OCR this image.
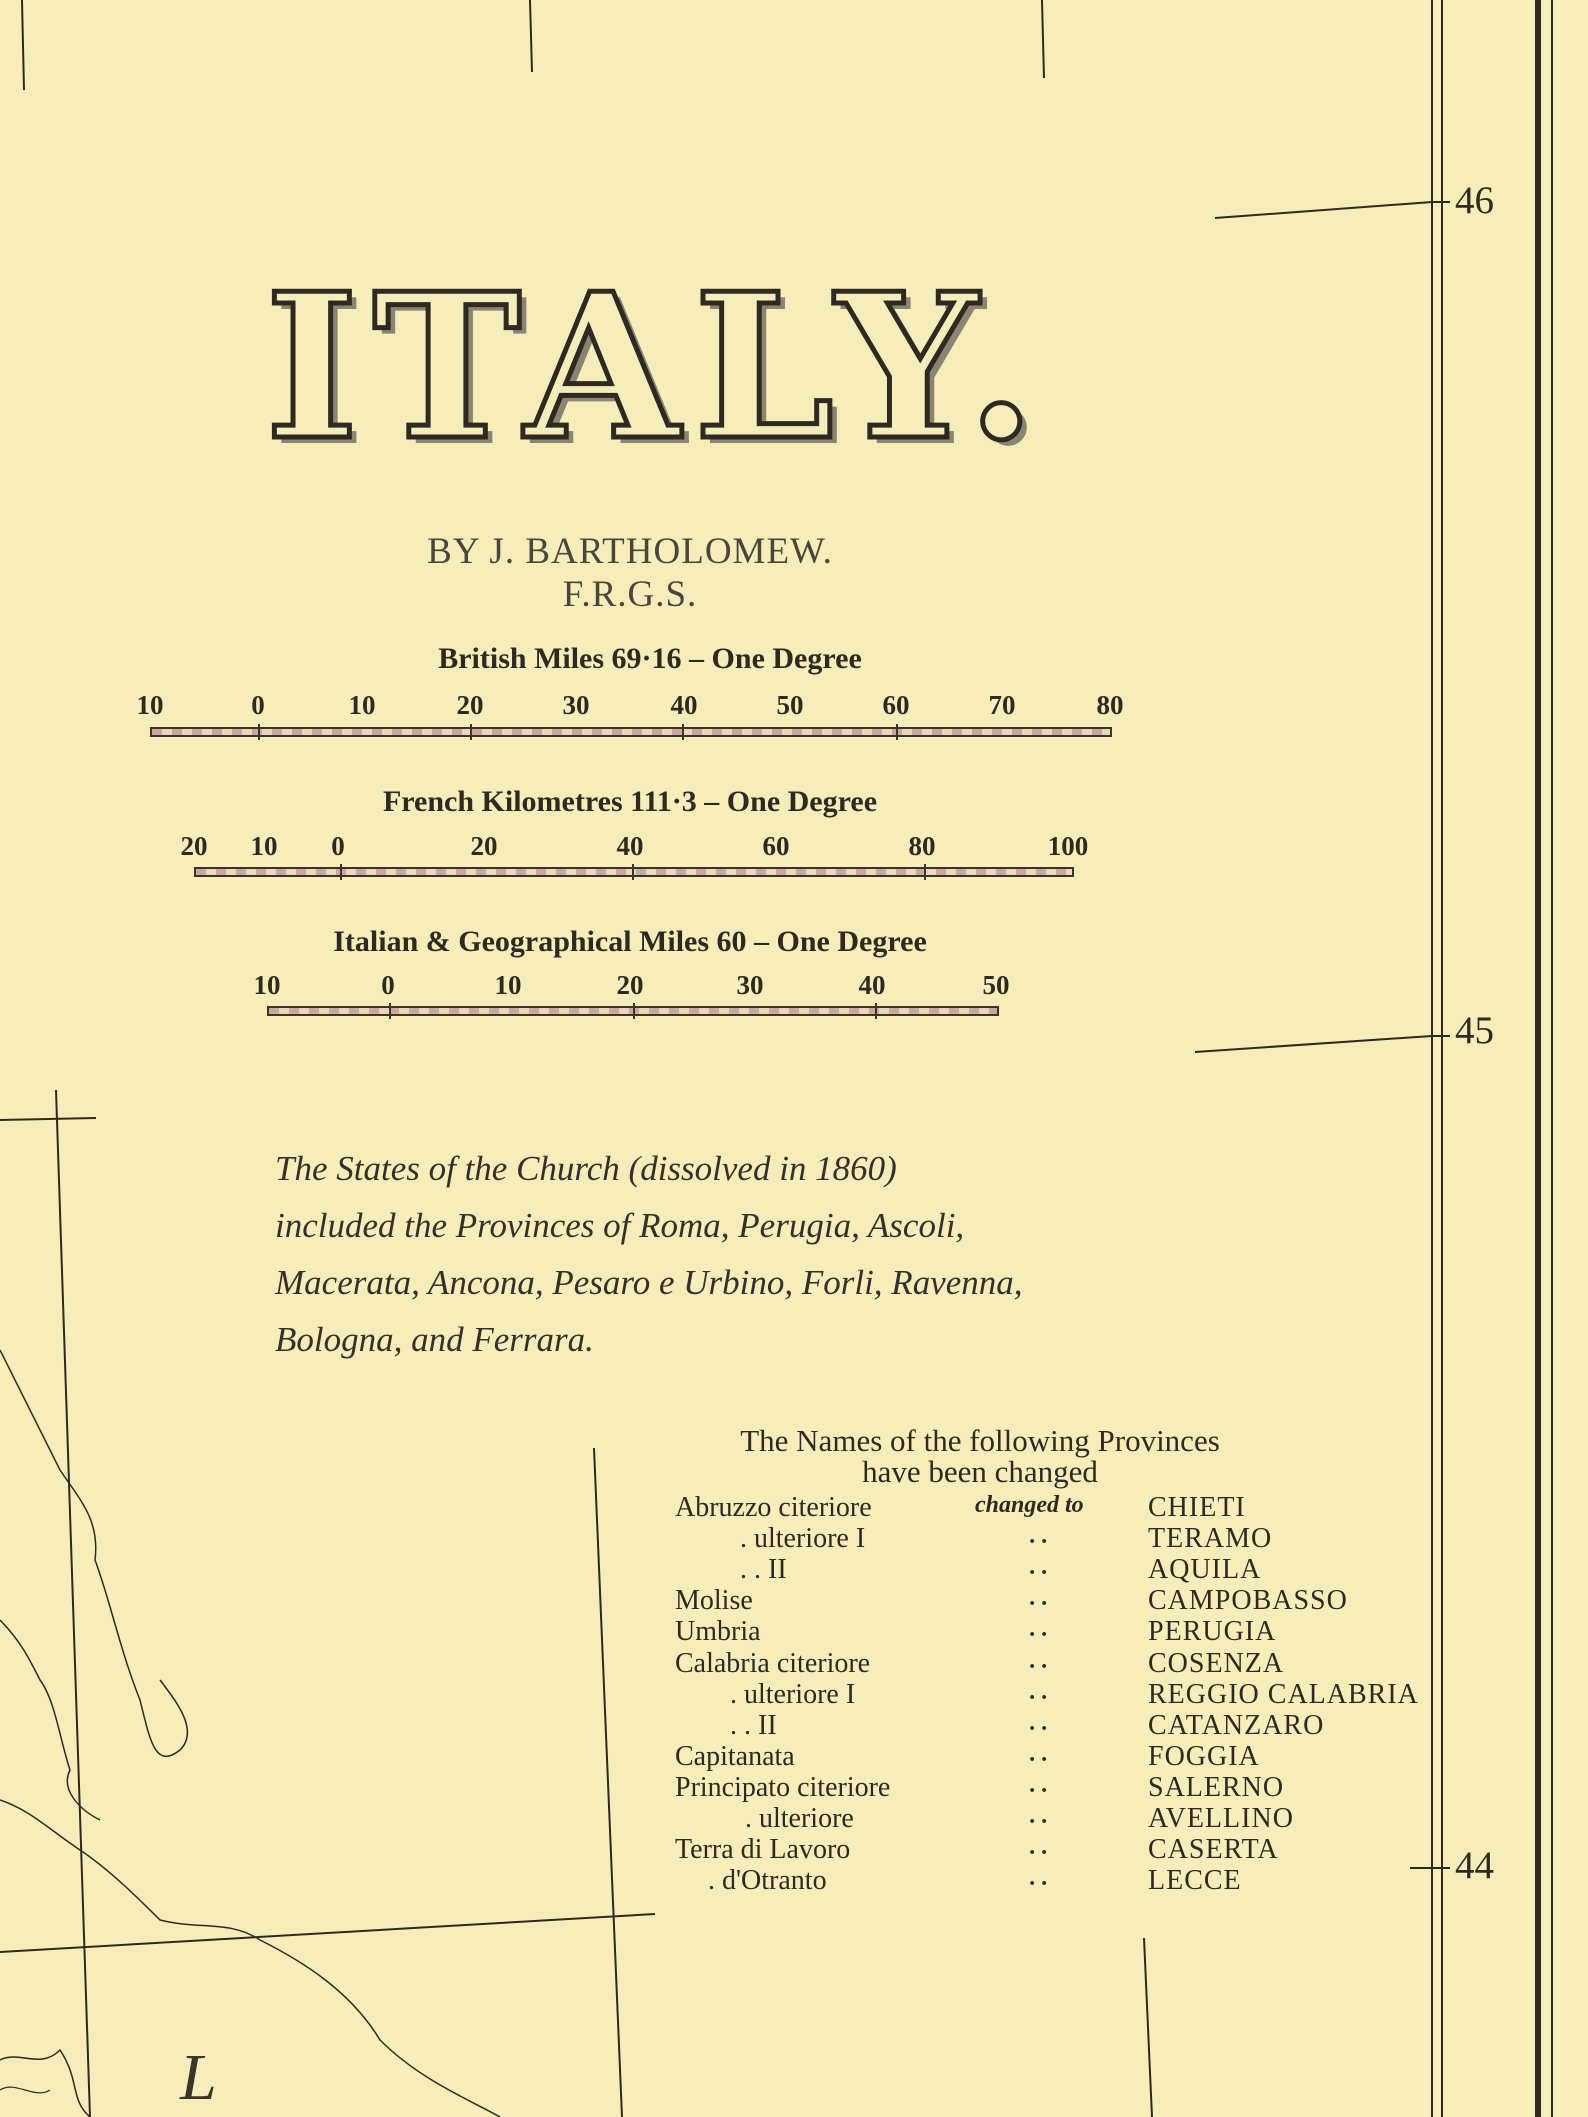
ITALY.
BY J. BARTHOLOMEW. F.R.G.S.
British Miles 69·16 – One Degree
10	0	10	20	30	40	50	60	70	80
French Kilometres 111·3 – One Degree
20 10 0	20	40	60	80	100
Italian & Geographical Miles 60 – One Degree
10	0	10	20	30	40	50
The States of the Church (dissolved in 1860)
included the Provinces of Roma, Perugia, Ascoli,
Macerata, Ancona, Pesaro e Urbino, Forli, Ravenna,
Bologna, and Ferrara.
The Names of the following Provinces
have been changed
Abruzzo citeriore	changed to CHIETI
. ulteriore I	. .	TERAMO
. . II	. .	AQUILA
Molise	. .	CAMPOBASSO
Umbria	. .	PERUGIA
Calabria citeriore	. .	COSENZA
. ulteriore I	. .	REGGIO CALABRIA
. . II	. .	CATANZARO
Capitanata	. .	FOGGIA
Principato citeriore	. .	SALERNO
. ulteriore	. .	AVELLINO
Terra di Lavoro	. .	CASERTA
. d'Otranto	. .	LECCE
46
45
44
L
